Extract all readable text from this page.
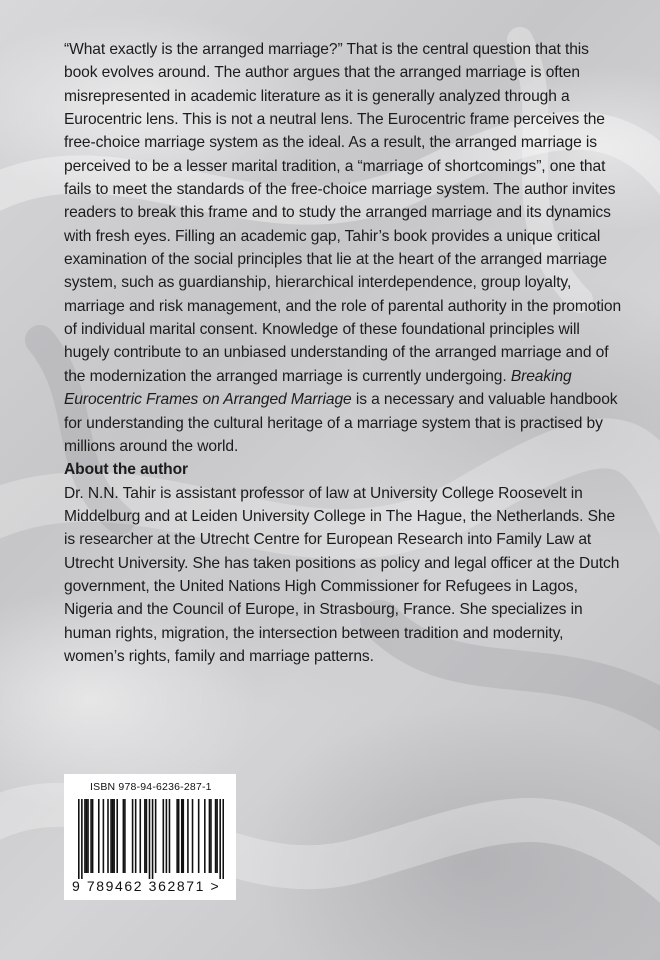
“What exactly is the arranged marriage?” That is the central question that this book evolves around. The author argues that the arranged marriage is often misrepresented in academic literature as it is generally analyzed through a Eurocentric lens. This is not a neutral lens. The Eurocentric frame perceives the free-choice marriage system as the ideal. As a result, the arranged marriage is perceived to be a lesser marital tradition, a “marriage of shortcomings”, one that fails to meet the standards of the free-choice marriage system. The author invites readers to break this frame and to study the arranged marriage and its dynamics with fresh eyes. Filling an academic gap, Tahir’s book provides a unique critical examination of the social principles that lie at the heart of the arranged marriage system, such as guardianship, hierarchical interdependence, group loyalty, marriage and risk management, and the role of parental authority in the promotion of individual marital consent. Knowledge of these foundational principles will hugely contribute to an unbiased understanding of the arranged marriage and of the modernization the arranged marriage is currently undergoing. Breaking Eurocentric Frames on Arranged Marriage is a necessary and valuable handbook for understanding the cultural heritage of a marriage system that is practised by millions around the world.

About the author

Dr. N.N. Tahir is assistant professor of law at University College Roosevelt in Middelburg and at Leiden University College in The Hague, the Netherlands. She is researcher at the Utrecht Centre for European Research into Family Law at Utrecht University. She has taken positions as policy and legal officer at the Dutch government, the United Nations High Commissioner for Refugees in Lagos, Nigeria and the Council of Europe, in Strasbourg, France. She specializes in human rights, migration, the intersection between tradition and modernity, women’s rights, family and marriage patterns.

ISBN 978-94-6236-287-1
9 789462 362871 >
